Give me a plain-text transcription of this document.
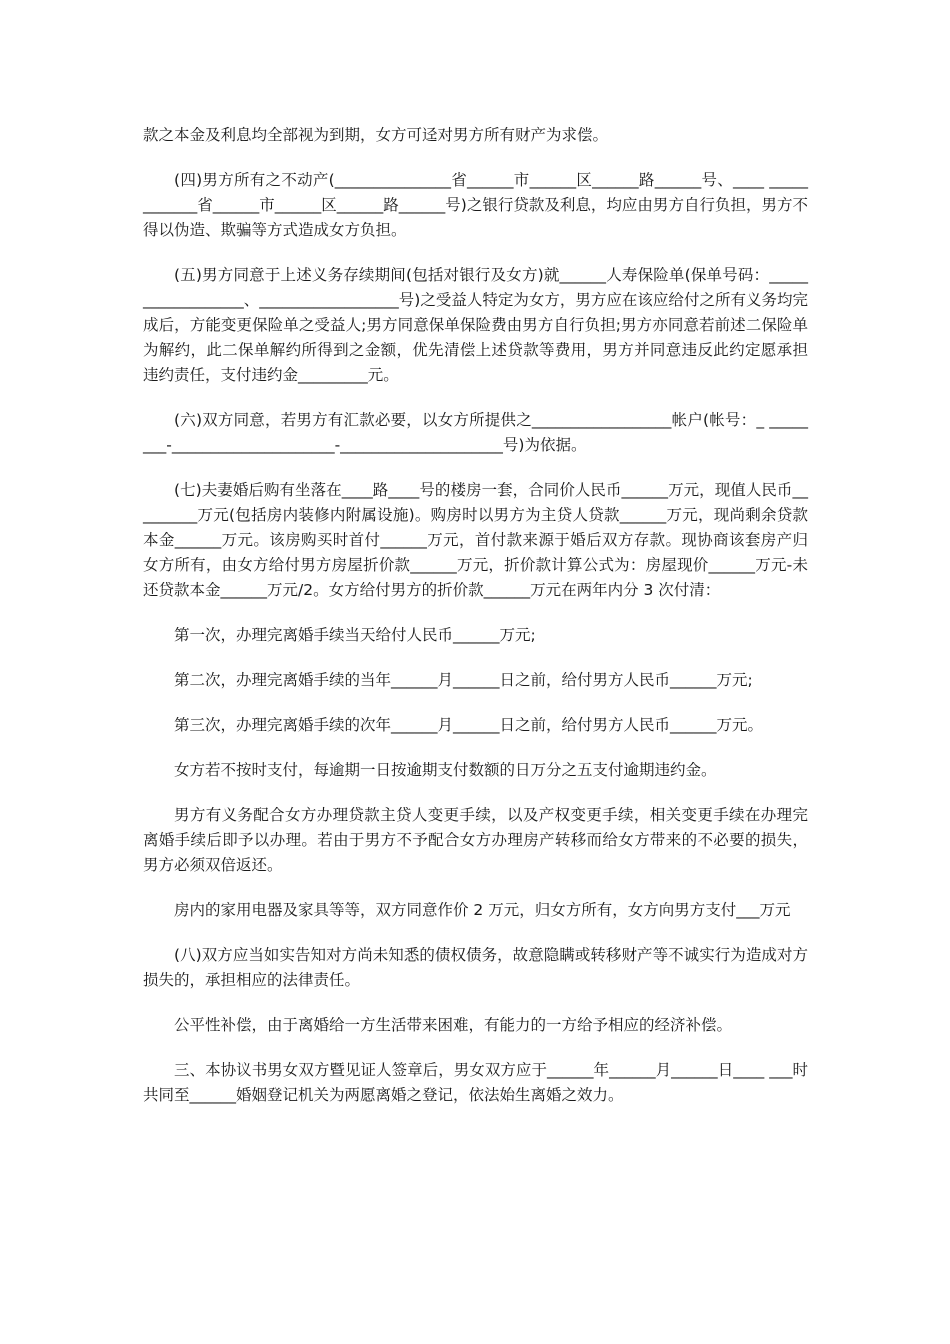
款之本金及利息均全部视为到期，女方可迳对男方所有财产为求偿。

(四)男方所有之不动产(_______________省______市______区______路______号、____ ____________省______市______区______路______号)之银行贷款及利息，均应由男方自行负担，男方不得以伪造、欺骗等方式造成女方负担。

(五)男方同意于上述义务存续期间(包括对银行及女方)就______人寿保险单(保单号码：__________________、__________________号)之受益人特定为女方，男方应在该应给付之所有义务均完成后，方能变更保险单之受益人;男方同意保单保险费由男方自行负担;男方亦同意若前述二保险单为解约，此二保单解约所得到之金额，优先清偿上述贷款等费用，男方并同意违反此约定愿承担违约责任，支付违约金_________元。

(六)双方同意，若男方有汇款必要，以女方所提供之__________________帐户(帐号：_ ________-_____________________-_____________________号)为依据。

(七)夫妻婚后购有坐落在____路____号的楼房一套，合同价人民币______万元，现值人民币_________万元(包括房内装修内附属设施)。购房时以男方为主贷人贷款______万元，现尚剩余贷款本金______万元。该房购买时首付______万元，首付款来源于婚后双方存款。现协商该套房产归女方所有，由女方给付男方房屋折价款______万元，折价款计算公式为：房屋现价______万元-未还贷款本金______万元/2。女方给付男方的折价款______万元在两年内分 3 次付清：

第一次，办理完离婚手续当天给付人民币______万元;

第二次，办理完离婚手续的当年______月______日之前，给付男方人民币______万元;

第三次，办理完离婚手续的次年______月______日之前，给付男方人民币______万元。

女方若不按时支付，每逾期一日按逾期支付数额的日万分之五支付逾期违约金。

男方有义务配合女方办理贷款主贷人变更手续，以及产权变更手续，相关变更手续在办理完离婚手续后即予以办理。若由于男方不予配合女方办理房产转移而给女方带来的不必要的损失，男方必须双倍返还。

房内的家用电器及家具等等，双方同意作价 2 万元，归女方所有，女方向男方支付___万元

(八)双方应当如实告知对方尚未知悉的债权债务，故意隐瞒或转移财产等不诚实行为造成对方损失的，承担相应的法律责任。

公平性补偿，由于离婚给一方生活带来困难，有能力的一方给予相应的经济补偿。

三、本协议书男女双方暨见证人签章后，男女双方应于______年______月______日____ ___时共同至______婚姻登记机关为两愿离婚之登记，依法始生离婚之效力。
